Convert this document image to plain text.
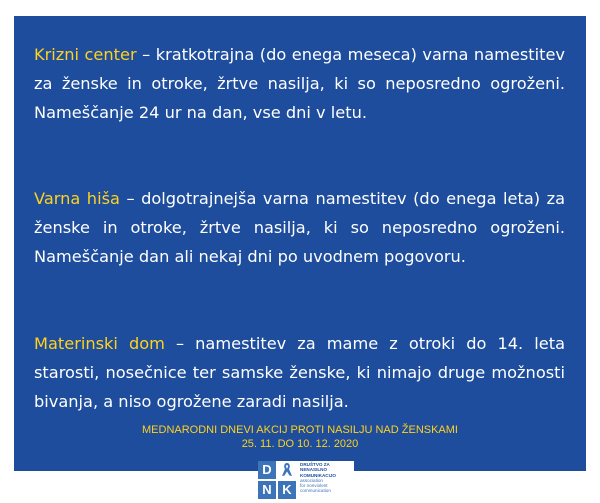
Krizni center – kratkotrajna (do enega meseca) varna namestitev za ženske in otroke, žrtve nasilja, ki so neposredno ogroženi. Nameščanje 24 ur na dan, vse dni v letu.

Varna hiša – dolgotrajnejša varna namestitev (do enega leta) za ženske in otroke, žrtve nasilja, ki so neposredno ogroženi. Nameščanje dan ali nekaj dni po uvodnem pogovoru.

Materinski dom – namestitev za mame z otroki do 14. leta starosti, nosečnice ter samske ženske, ki nimajo druge možnosti bivanja, a niso ogrožene zaradi nasilja.

MEDNARODNI DNEVI AKCIJ PROTI NASILJU NAD ŽENSKAMI
25. 11. DO 10. 12. 2020
D
N K
DRUŠTVO ZA
NENASILNO
KOMUNIKACIJO
association
for nonviolent
communication
